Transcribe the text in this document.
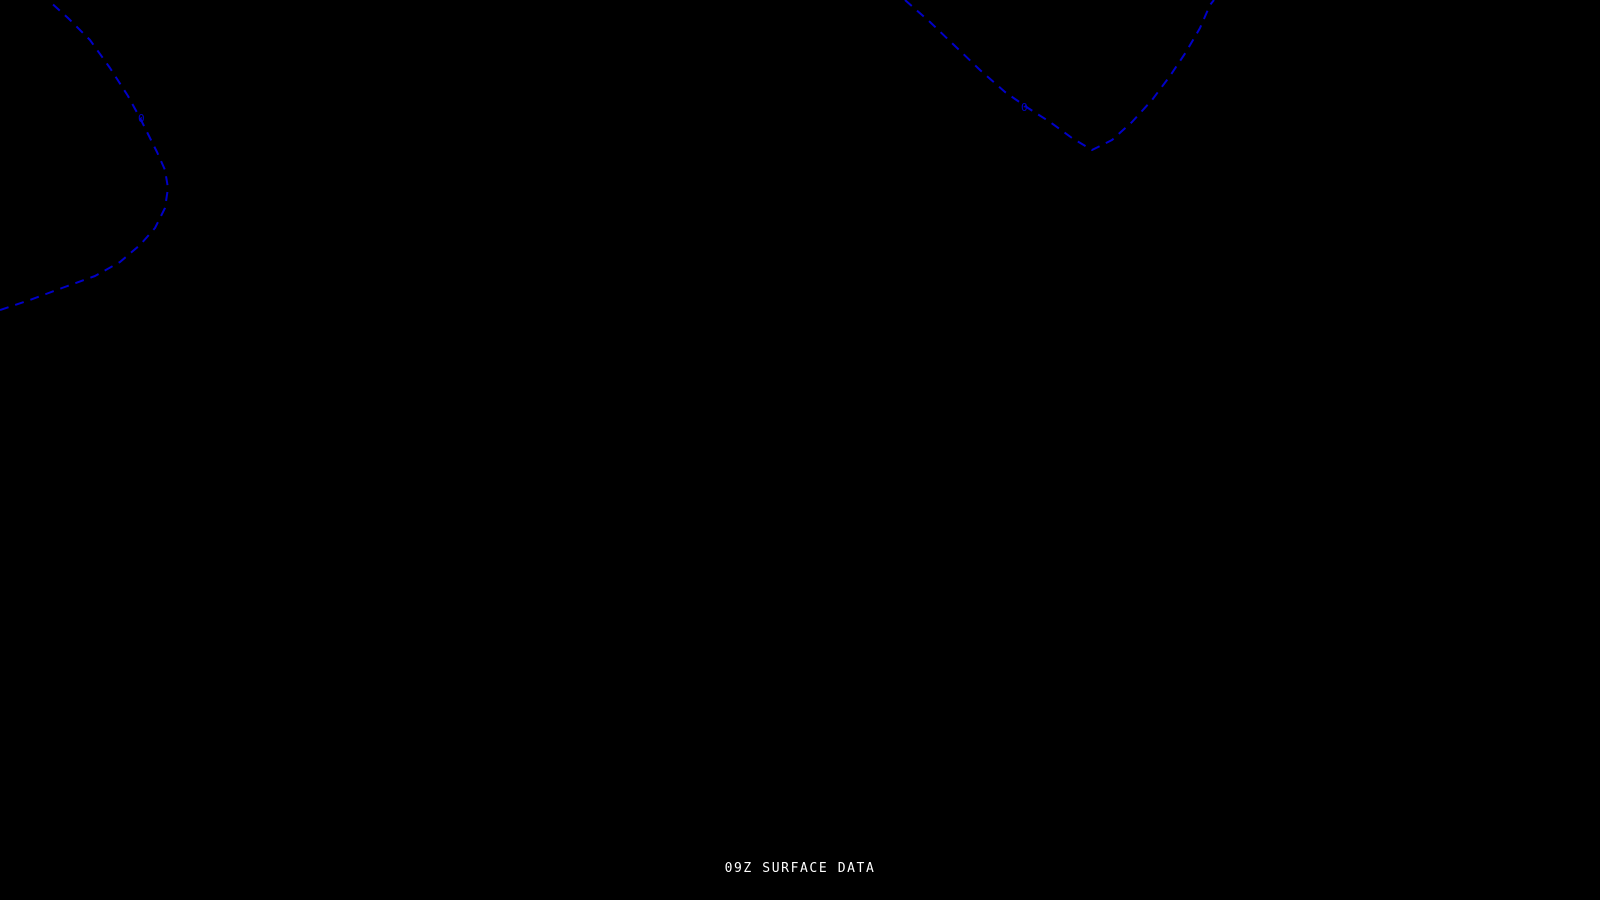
0
0
09Z SURFACE DATA
